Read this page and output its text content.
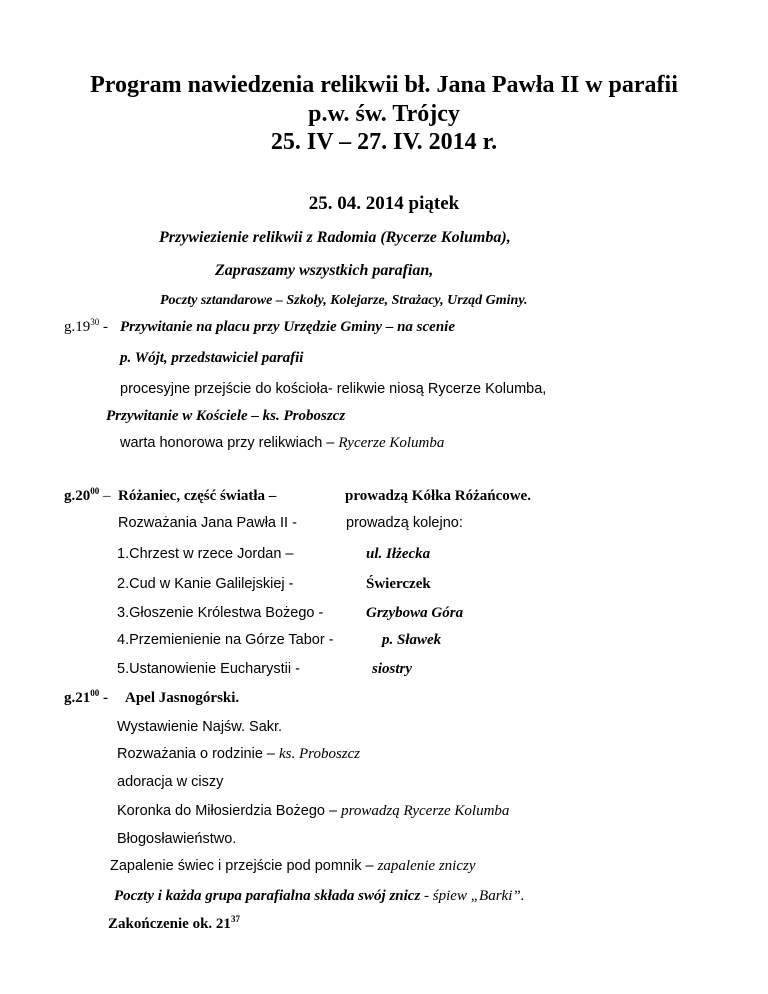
Program nawiedzenia relikwii bł. Jana Pawła II w parafii
p.w. św. Trójcy
25. IV – 27. IV. 2014 r.
25. 04. 2014 piątek
Przywiezienie relikwii z Radomia (Rycerze Kolumba),
Zapraszamy wszystkich parafian,
Poczty sztandarowe – Szkoły, Kolejarze, Strażacy, Urząd Gminy.
$g.19^{30}$ - Przywitanie na placu przy Urzędzie Gminy – na scenie
p. Wójt, przedstawiciel parafii
procesyjne przejście do kościoła- relikwie niosą Rycerze Kolumba,
Przywitanie w Kościele – ks. Proboszcz
warta honorowa przy relikwiach – Rycerze Kolumba
$g.20^{00}$ – Różaniec, część światła –	prowadzą Kółka Różańcowe.
Rozważania Jana Pawła II -	prowadzą kolejno:
1.Chrzest w rzece Jordan –	ul. Iłżecka
2.Cud w Kanie Galilejskiej -	Świerczek
3.Głoszenie Królestwa Bożego -	Grzybowa Góra
4.Przemienienie na Górze Tabor -	p. Sławek
5.Ustanowienie Eucharystii -	siostry
$g.21^{00}$ - Apel Jasnogórski.
Wystawienie Najśw. Sakr.
Rozważania o rodzinie – ks. Proboszcz
adoracja w ciszy
Koronka do Miłosierdzia Bożego – prowadzą Rycerze Kolumba
Błogosławieństwo.
Zapalenie świec i przejście pod pomnik – zapalenie zniczy
Poczty i każda grupa parafialna składa swój znicz - śpiew „Barki”.
Zakończenie ok. $21^{37}$
